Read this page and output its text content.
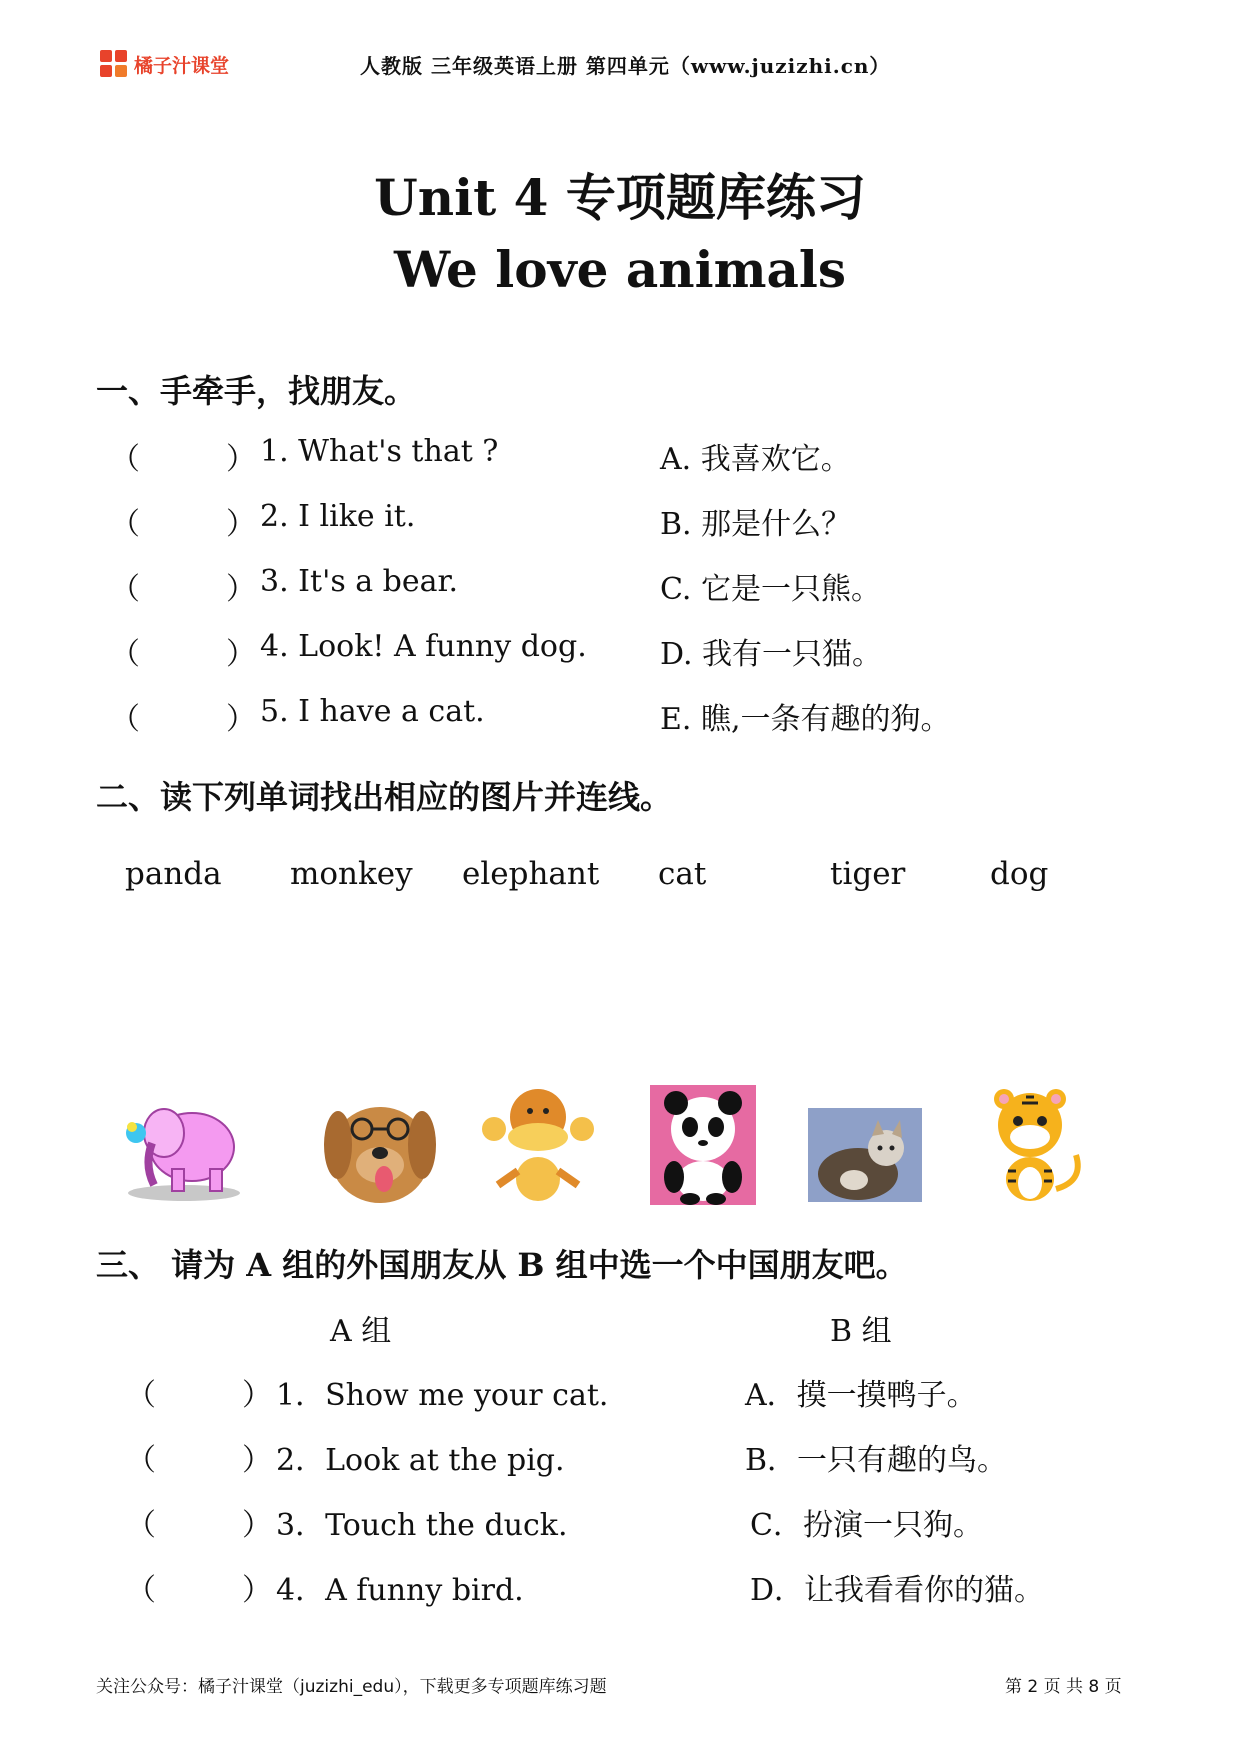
橘子汁课堂	人教版 三年级英语上册 第四单元（www.juzizhi.cn）
Unit 4 专项题库练习
We love animals
一、手牵手，找朋友。
（	） 1. What's that ?	A. 我喜欢它。
（	） 2. I like it.	B. 那是什么？
（	） 3. It's a bear.	C. 它是一只熊。
（	） 4. Look! A funny dog. D. 我有一只猫。
（	） 5. I have a cat.	E. 瞧,一条有趣的狗。
二、读下列单词找出相应的图片并连线。
panda monkey elephant cat	tiger	dog
三、 请为 A 组的外国朋友从 B 组中选一个中国朋友吧。
A 组	B 组
（	） 1．Show me your cat.	A．摸一摸鸭子。
（	） 2．Look at the pig.	B．一只有趣的鸟。
（	） 3．Touch the duck.	C．扮演一只狗。
（	） 4．A funny bird.	D．让我看看你的猫。
关注公众号：橘子汁课堂（juzizhi_edu），下载更多专项题库练习题	第 2 页 共 8 页
